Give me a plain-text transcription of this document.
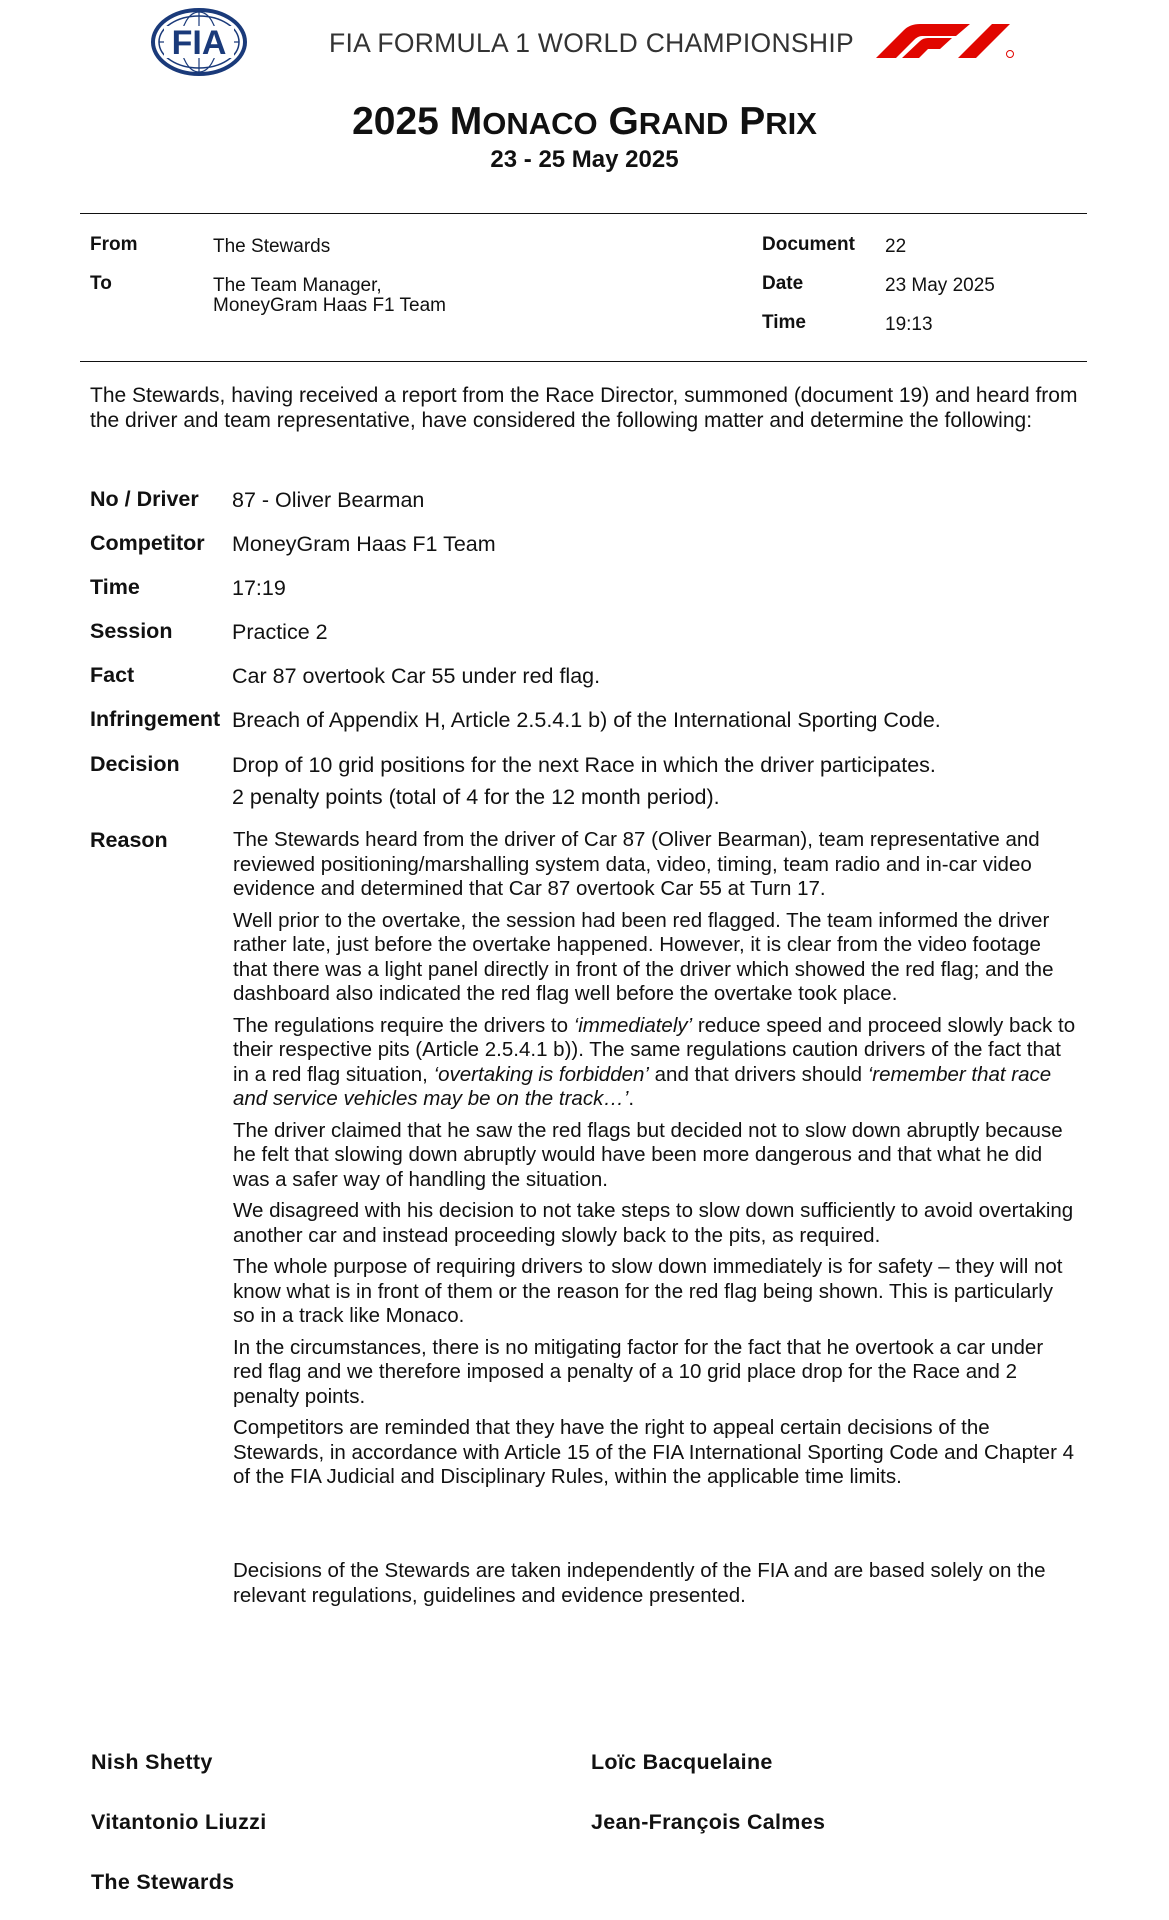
FIA	FIA FORMULA 1 WORLD CHAMPIONSHIP
2025 MONACO GRAND PRIX
23 - 25 May 2025
From	The Stewards
To	The Team Manager,
MoneyGram Haas F1 Team
Document 22
Date	23 May 2025
Time	19:13
The Stewards, having received a report from the Race Director, summoned (document 19) and heard from the driver and team representative, have considered the following matter and determine the following:
No / Driver 87 - Oliver Bearman
Competitor MoneyGram Haas F1 Team
Time	17:19
Session	Practice 2
Fact	Car 87 overtook Car 55 under red flag.
Infringement Breach of Appendix H, Article 2.5.4.1 b) of the International Sporting Code.
Decision Drop of 10 grid positions for the next Race in which the driver participates.
2 penalty points (total of 4 for the 12 month period).
Reason	The Stewards heard from the driver of Car 87 (Oliver Bearman), team representative and reviewed positioning/marshalling system data, video, timing, team radio and in-car video evidence and determined that Car 87 overtook Car 55 at Turn 17.

Well prior to the overtake, the session had been red flagged. The team informed the driver rather late, just before the overtake happened. However, it is clear from the video footage that there was a light panel directly in front of the driver which showed the red flag; and the dashboard also indicated the red flag well before the overtake took place.

The regulations require the drivers to ‘immediately’ reduce speed and proceed slowly back to their respective pits (Article 2.5.4.1 b)). The same regulations caution drivers of the fact that in a red flag situation, ‘overtaking is forbidden’ and that drivers should ‘remember that race and service vehicles may be on the track…’.

The driver claimed that he saw the red flags but decided not to slow down abruptly because he felt that slowing down abruptly would have been more dangerous and that what he did was a safer way of handling the situation.

We disagreed with his decision to not take steps to slow down sufficiently to avoid overtaking another car and instead proceeding slowly back to the pits, as required.

The whole purpose of requiring drivers to slow down immediately is for safety – they will not know what is in front of them or the reason for the red flag being shown. This is particularly so in a track like Monaco.

In the circumstances, there is no mitigating factor for the fact that he overtook a car under red flag and we therefore imposed a penalty of a 10 grid place drop for the Race and 2 penalty points.

Competitors are reminded that they have the right to appeal certain decisions of the Stewards, in accordance with Article 15 of the FIA International Sporting Code and Chapter 4 of the FIA Judicial and Disciplinary Rules, within the applicable time limits.

Decisions of the Stewards are taken independently of the FIA and are based solely on the relevant regulations, guidelines and evidence presented.
Nish Shetty	Loïc Bacquelaine
Vitantonio Liuzzi	Jean-François Calmes
The Stewards
